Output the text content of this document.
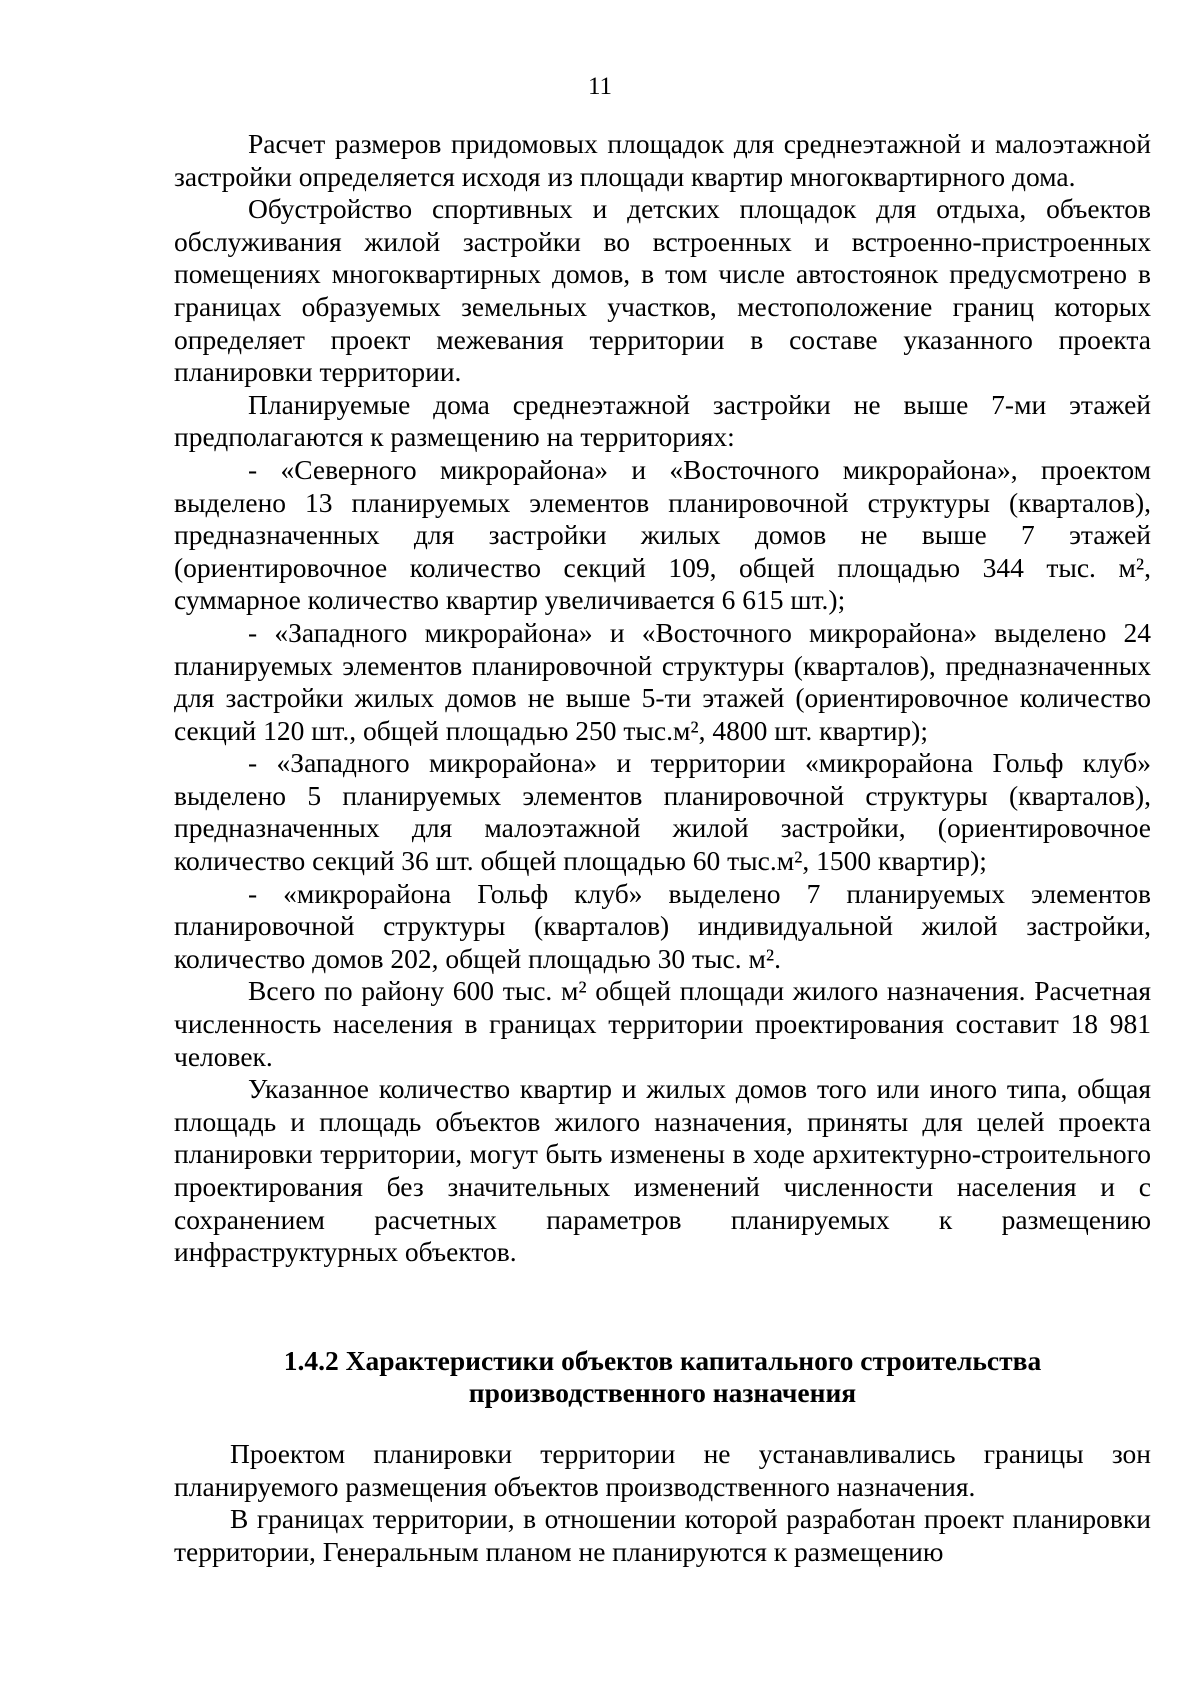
11

Расчет размеров придомовых площадок для среднеэтажной и малоэтажной застройки определяется исходя из площади квартир многоквартирного дома.

Обустройство спортивных и детских площадок для отдыха, объектов обслуживания жилой застройки во встроенных и встроенно-пристроенных помещениях многоквартирных домов, в том числе автостоянок предусмотрено в границах образуемых земельных участков, местоположение границ которых определяет проект межевания территории в составе указанного проекта планировки территории.

Планируемые дома среднеэтажной застройки не выше 7-ми этажей предполагаются к размещению на территориях:

- «Северного микрорайона» и «Восточного микрорайона», проектом выделено 13 планируемых элементов планировочной структуры (кварталов), предназначенных для застройки жилых домов не выше 7 этажей (ориентировочное количество секций 109, общей площадью 344 тыс. м², суммарное количество квартир увеличивается 6 615 шт.);

- «Западного микрорайона» и «Восточного микрорайона» выделено 24 планируемых элементов планировочной структуры (кварталов), предназначенных для застройки жилых домов не выше 5-ти этажей (ориентировочное количество секций 120 шт., общей площадью 250 тыс.м², 4800 шт. квартир);

- «Западного микрорайона» и территории «микрорайона Гольф клуб» выделено 5 планируемых элементов планировочной структуры (кварталов), предназначенных для малоэтажной жилой застройки, (ориентировочное количество секций 36 шт. общей площадью 60 тыс.м², 1500 квартир);

- «микрорайона Гольф клуб» выделено 7 планируемых элементов планировочной структуры (кварталов) индивидуальной жилой застройки, количество домов 202, общей площадью 30 тыс. м².

Всего по району 600 тыс. м² общей площади жилого назначения. Расчетная численность населения в границах территории проектирования составит 18 981 человек.

Указанное количество квартир и жилых домов того или иного типа, общая площадь и площадь объектов жилого назначения, приняты для целей проекта планировки территории, могут быть изменены в ходе архитектурно-строительного проектирования без значительных изменений численности населения и с сохранением расчетных параметров планируемых к размещению инфраструктурных объектов.

1.4.2 Характеристики объектов капитального строительства
производственного назначения

Проектом планировки территории не устанавливались границы зон планируемого размещения объектов производственного назначения.

В границах территории, в отношении которой разработан проект планировки территории, Генеральным планом не планируются к размещению
